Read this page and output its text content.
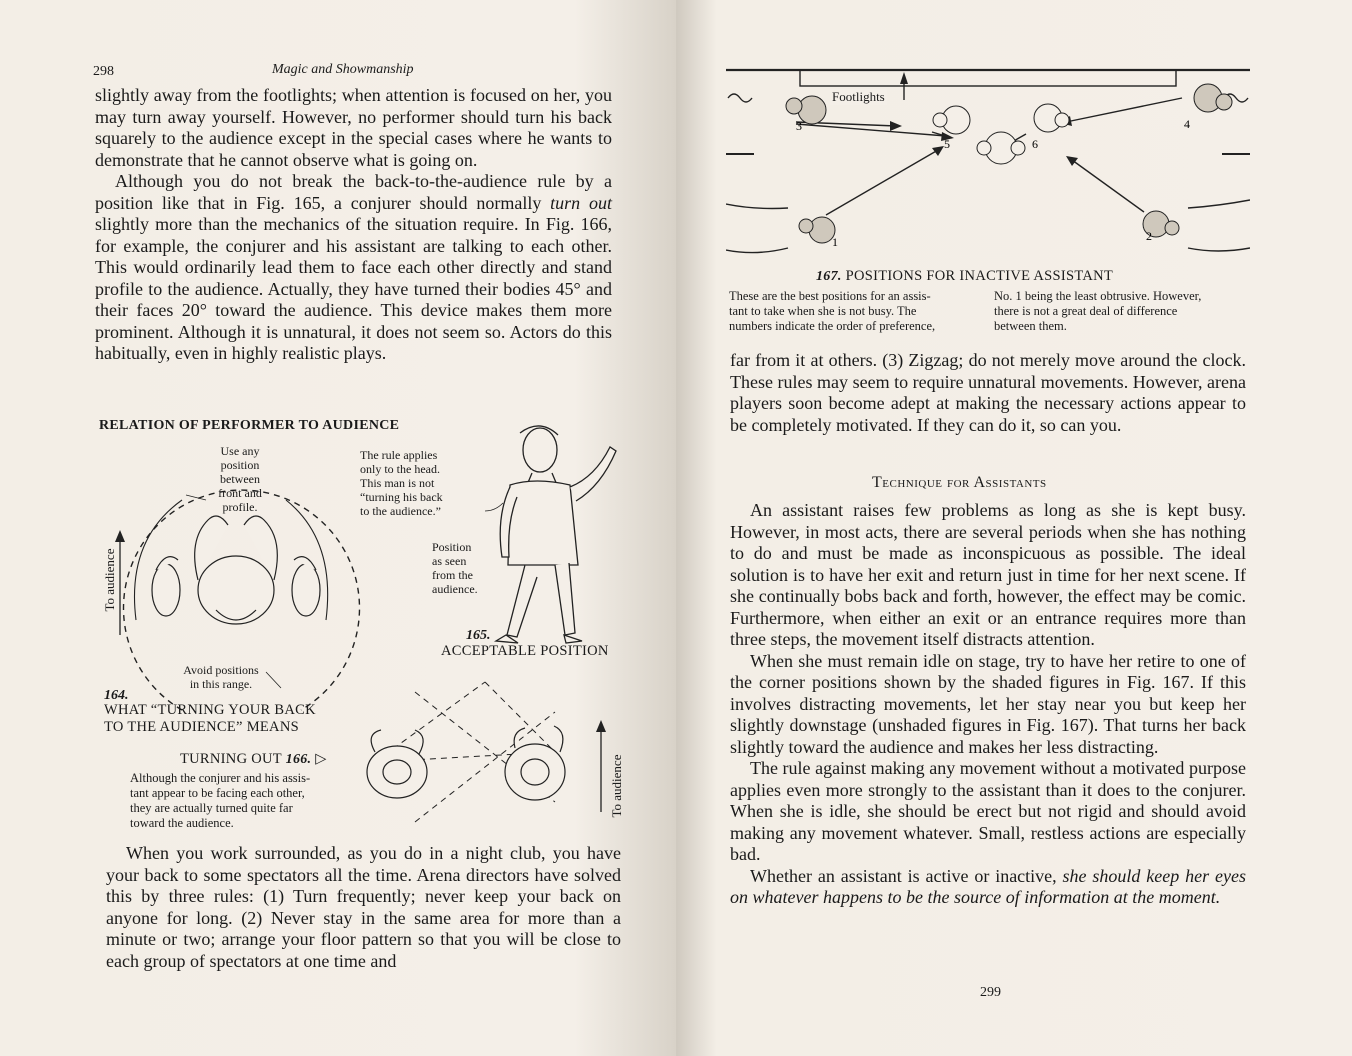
298	Magic and Showmanship

slightly away from the footlights; when attention is focused on her, you may turn away yourself. However, no performer should turn his back squarely to the audience except in the special cases where he wants to demonstrate that he cannot observe what is going on.

Although you do not break the back-to-the-audience rule by a position like that in Fig. 165, a conjurer should normally turn out slightly more than the mechanics of the situation require. In Fig. 166, for example, the conjurer and his assistant are talking to each other. This would ordinarily lead them to face each other directly and stand profile to the audience. Actually, they have turned their bodies 45° and their faces 20° toward the audience. This device makes them more prominent. Although it is unnatural, it does not seem so. Actors do this habitually, even in highly realistic plays.

RELATION OF PERFORMER TO AUDIENCE
Use any
position
between
front and
profile.
Avoid positions
in this range.
To audience
164.
WHAT “TURNING YOUR BACK
TO THE AUDIENCE” MEANS
The rule applies
only to the head.
This man is not
“turning his back
to the audience.”
Position
as seen
from the
audience.
165.
ACCEPTABLE POSITION
To audience
TURNING OUT 166. ▷
Although the conjurer and his assis-
tant appear to be facing each other,
they are actually turned quite far
toward the audience.

When you work surrounded, as you do in a night club, you have your back to some spectators all the time. Arena directors have solved this by three rules: (1) Turn frequently; never keep your back on anyone for long. (2) Never stay in the same area for more than a minute or two; arrange your floor pattern so that you will be close to each group of spectators at one time and

3	4
5	6
1	2
Footlights
167. POSITIONS FOR INACTIVE ASSISTANT
These are the best positions for an assis-
tant to take when she is not busy. The
numbers indicate the order of preference,
No. 1 being the least obtrusive. However,
there is not a great deal of difference
between them.

far from it at others. (3) Zigzag; do not merely move around the clock. These rules may seem to require unnatural movements. However, arena players soon become adept at making the necessary actions appear to be completely motivated. If they can do it, so can you.

Technique for Assistants

An assistant raises few problems as long as she is kept busy. However, in most acts, there are several periods when she has nothing to do and must be made as inconspicuous as possible. The ideal solution is to have her exit and return just in time for her next scene. If she continually bobs back and forth, however, the effect may be comic. Furthermore, when either an exit or an entrance requires more than three steps, the movement itself distracts attention.

When she must remain idle on stage, try to have her retire to one of the corner positions shown by the shaded figures in Fig. 167. If this involves distracting movements, let her stay near you but keep her slightly downstage (unshaded figures in Fig. 167). That turns her back slightly toward the audience and makes her less distracting.

The rule against making any movement without a motivated purpose applies even more strongly to the assistant than it does to the conjurer. When she is idle, she should be erect but not rigid and should avoid making any movement whatever. Small, restless actions are especially bad.

Whether an assistant is active or inactive, she should keep her eyes on whatever happens to be the source of information at the moment.

299
